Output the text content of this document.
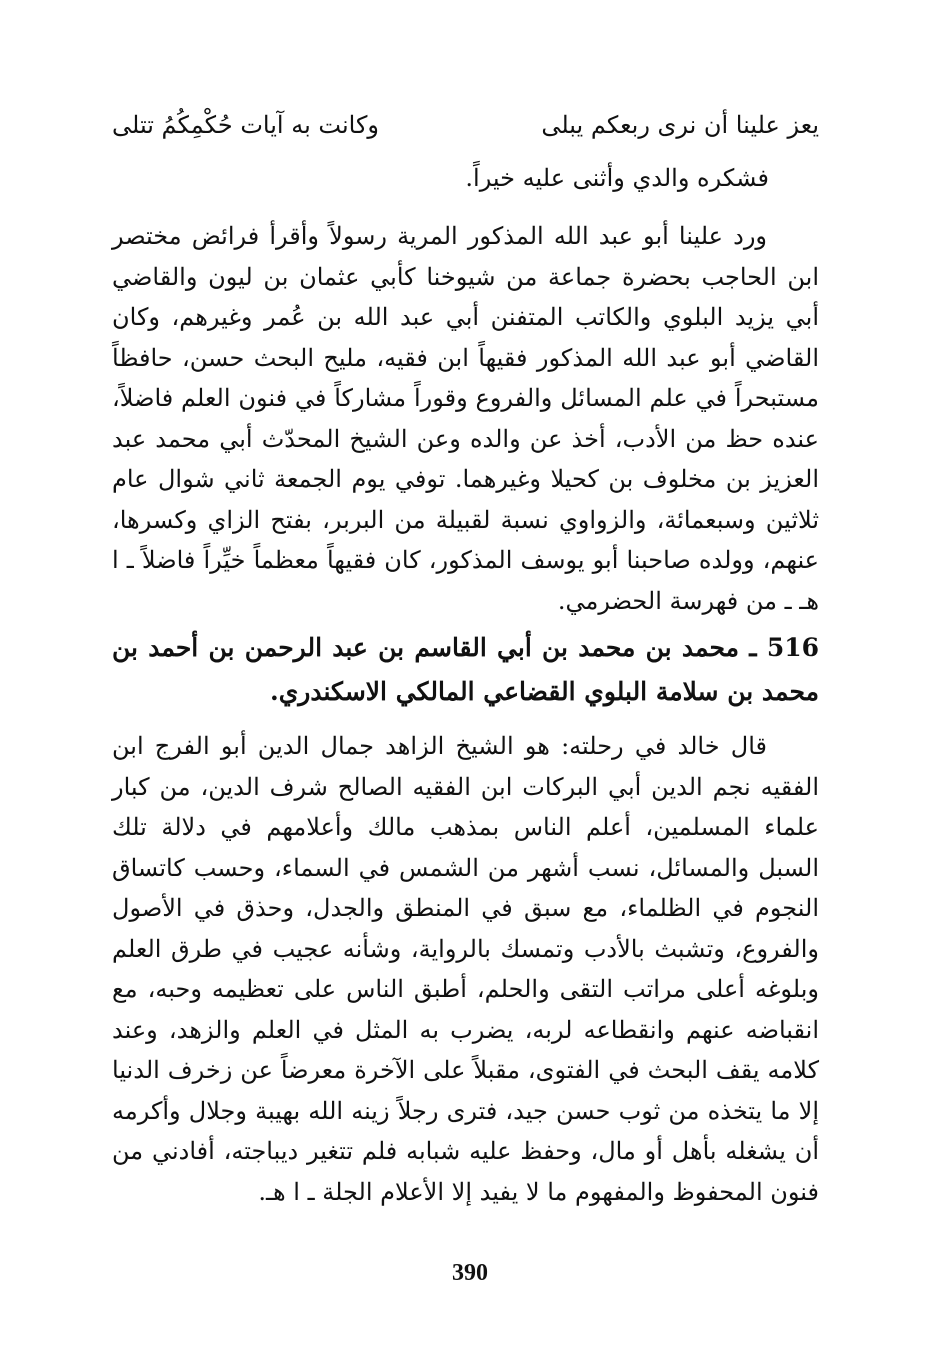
يعز علينا أن نرى ربعكم يبلى
وكانت به آيات حُكْمِكُمُ تتلى
فشكره والدي وأثنى عليه خيراً.

ورد علينا أبو عبد الله المذكور المرية رسولاً وأقرأ فرائض مختصر ابن الحاجب بحضرة جماعة من شيوخنا كأبي عثمان بن ليون والقاضي أبي يزيد البلوي والكاتب المتفنن أبي عبد الله بن عُمر وغيرهم، وكان القاضي أبو عبد الله المذكور فقيهاً ابن فقيه، مليح البحث حسن، حافظاً مستبحراً في علم المسائل والفروع وقوراً مشاركاً في فنون العلم فاضلاً، عنده حظ من الأدب، أخذ عن والده وعن الشيخ المحدّث أبي محمد عبد العزيز بن مخلوف بن كحيلا وغيرهما. توفي يوم الجمعة ثاني شوال عام ثلاثين وسبعمائة، والزواوي نسبة لقبيلة من البربر، بفتح الزاي وكسرها، عنهم، وولده صاحبنا أبو يوسف المذكور، كان فقيهاً معظماً خيِّراً فاضلاً ـ ا هـ ـ من فهرسة الحضرمي.

516 ـ محمد بن محمد بن أبي القاسم بن عبد الرحمن بن أحمد بن محمد بن سلامة البلوي القضاعي المالكي الاسكندري.

قال خالد في رحلته: هو الشيخ الزاهد جمال الدين أبو الفرج ابن الفقيه نجم الدين أبي البركات ابن الفقيه الصالح شرف الدين، من كبار علماء المسلمين، أعلم الناس بمذهب مالك وأعلامهم في دلالة تلك السبل والمسائل، نسب أشهر من الشمس في السماء، وحسب كاتساق النجوم في الظلماء، مع سبق في المنطق والجدل، وحذق في الأصول والفروع، وتشبث بالأدب وتمسك بالرواية، وشأنه عجيب في طرق العلم وبلوغه أعلى مراتب التقى والحلم، أطبق الناس على تعظيمه وحبه، مع انقباضه عنهم وانقطاعه لربه، يضرب به المثل في العلم والزهد، وعند كلامه يقف البحث في الفتوى، مقبلاً على الآخرة معرضاً عن زخرف الدنيا إلا ما يتخذه من ثوب حسن جيد، فترى رجلاً زينه الله بهيبة وجلال وأكرمه أن يشغله بأهل أو مال، وحفظ عليه شبابه فلم تتغير ديباجته، أفادني من فنون المحفوظ والمفهوم ما لا يفيد إلا الأعلام الجلة ـ ا هـ.

390
